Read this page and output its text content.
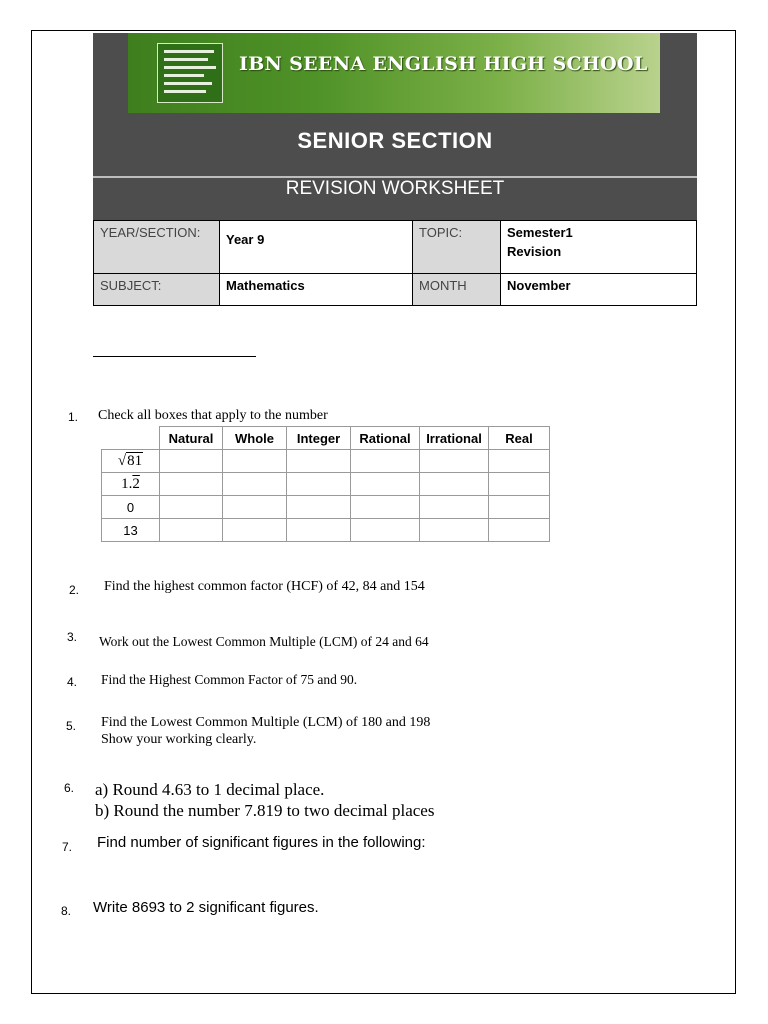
IBN SEENA ENGLISH HIGH SCHOOL
SENIOR SECTION
REVISION WORKSHEET
YEAR/SECTION:	Year 9	TOPIC:	Semester1
Revision

SUBJECT:	Mathematics	MONTH	November
1. Check all boxes that apply to the number
	Natural	Whole	Integer	Rational	Irrational	Real
√81						
1.2						
0						
13						
2. Find the highest common factor (HCF) of 42, 84 and 154
3. Work out the Lowest Common Multiple (LCM) of 24 and 64
4. Find the Highest Common Factor of 75 and 90.
5. Find the Lowest Common Multiple (LCM) of 180 and 198
Show your working clearly.
6. a) Round 4.63 to 1 decimal place.
b) Round the number 7.819 to two decimal places
7. Find number of significant figures in the following:
8. Write 8693 to 2 significant figures.
